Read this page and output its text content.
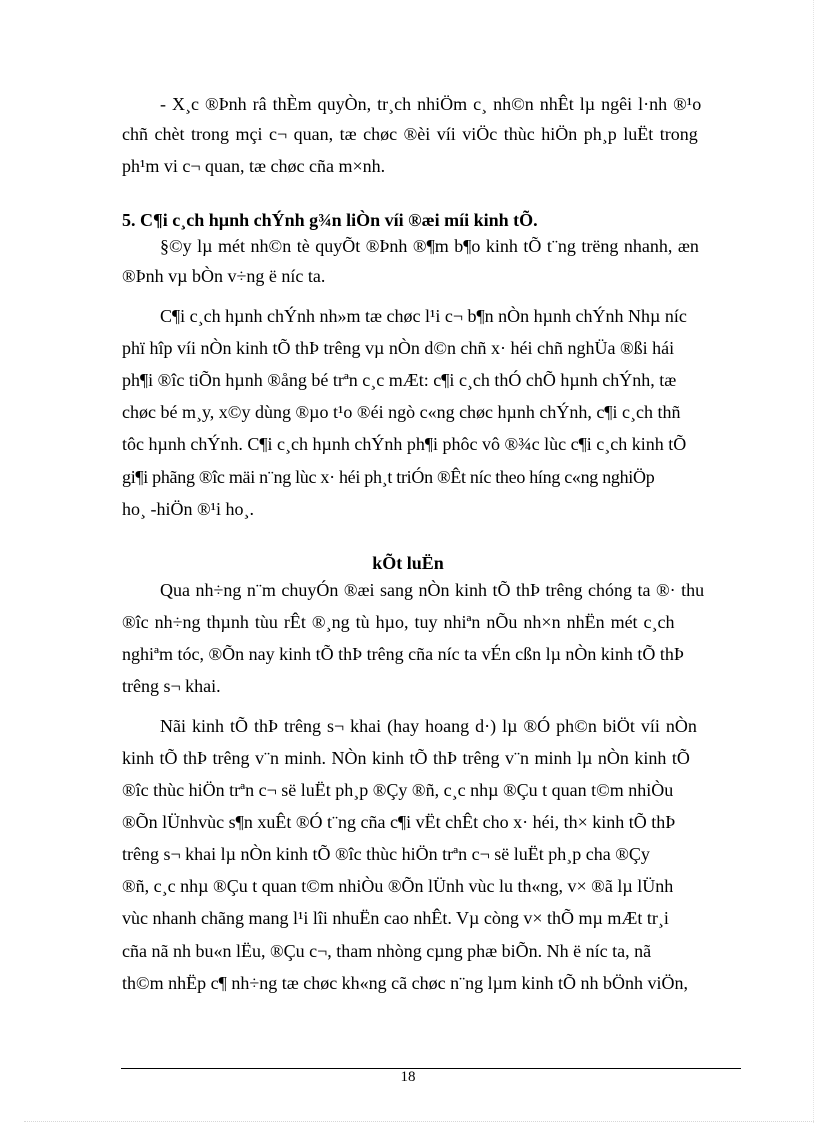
- X¸c ®Þnh râ thÈm quyÒn, tr¸ch nhiÖm c¸ nh©n nhÊt lµ ngêi l·nh ®¹o
chñ chèt trong mçi c¬ quan, tæ chøc ®èi víi viÖc thùc hiÖn ph¸p luËt trong
ph¹m vi c¬ quan, tæ chøc cña m×nh.
5. C¶i c¸ch hµnh chÝnh g¾n liÒn víi ®æi míi kinh tÕ.
§©y lµ mét nh©n tè quyÕt ®Þnh ®¶m b¶o kinh tÕ t¨ng trëng nhanh, æn
®Þnh vµ bÒn v÷ng ë níc ta.
C¶i c¸ch hµnh chÝnh nh»m tæ chøc l¹i c¬ b¶n nÒn hµnh chÝnh Nhµ níc
phï hîp víi nÒn kinh tÕ thÞ trêng vµ nÒn d©n chñ x· héi chñ nghÜa ®ßi hái
ph¶i ®îc tiÕn hµnh ®ång bé trªn c¸c mÆt: c¶i c¸ch thÓ chÕ hµnh chÝnh, tæ
chøc bé m¸y, x©y dùng ®µo t¹o ®éi ngò c«ng chøc hµnh chÝnh, c¶i c¸ch thñ
tôc hµnh chÝnh. C¶i c¸ch hµnh chÝnh ph¶i phôc vô ®¾c lùc c¶i c¸ch kinh tÕ
gi¶i phãng ®îc mäi n¨ng lùc x· héi ph¸t triÓn ®Êt níc theo híng c«ng nghiÖp
ho¸ -hiÖn ®¹i ho¸.
kÕt luËn
Qua nh÷ng n¨m chuyÓn ®æi sang nÒn kinh tÕ thÞ trêng chóng ta ®· thu
®îc nh÷ng thµnh tùu rÊt ®¸ng tù hµo, tuy nhiªn nÕu nh×n nhËn mét c¸ch
nghiªm tóc, ®Õn nay kinh tÕ thÞ trêng cña níc ta vÉn cßn lµ nÒn kinh tÕ thÞ
trêng s¬ khai.
Nãi kinh tÕ thÞ trêng s¬ khai (hay hoang d·) lµ ®Ó ph©n biÖt víi nÒn
kinh tÕ thÞ trêng v¨n minh. NÒn kinh tÕ thÞ trêng v¨n minh lµ nÒn kinh tÕ
®îc thùc hiÖn trªn c¬ së luËt ph¸p ®Çy ®ñ, c¸c nhµ ®Çu t quan t©m nhiÒu
®Õn lÜnhvùc s¶n xuÊt ®Ó t¨ng cña c¶i vËt chÊt cho x· héi, th× kinh tÕ thÞ
trêng s¬ khai lµ nÒn kinh tÕ ®îc thùc hiÖn trªn c¬ së luËt ph¸p cha ®Çy
®ñ, c¸c nhµ ®Çu t quan t©m nhiÒu ®Õn lÜnh vùc lu th«ng, v× ®ã lµ lÜnh
vùc nhanh chãng mang l¹i lîi nhuËn cao nhÊt. Vµ còng v× thÕ mµ mÆt tr¸i
cña nã nh bu«n lËu, ®Çu c¬, tham nhòng cµng phæ biÕn. Nh ë níc ta, nã
th©m nhËp c¶ nh÷ng tæ chøc kh«ng cã chøc n¨ng lµm kinh tÕ nh bÖnh viÖn,
18
